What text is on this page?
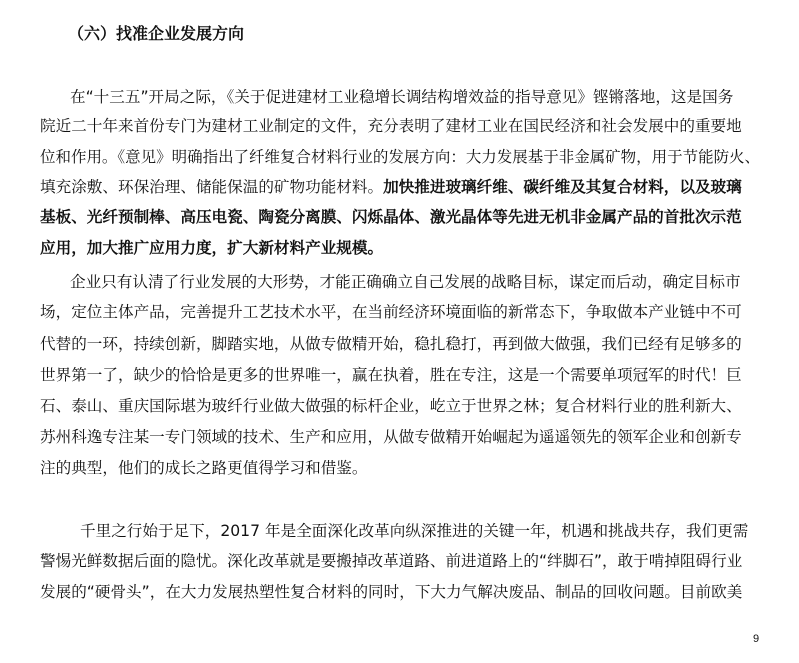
（六）找准企业发展方向
在“十三五”开局之际，《关于促进建材工业稳增长调结构增效益的指导意见》铿锵落地，这是国务
院近二十年来首份专门为建材工业制定的文件，充分表明了建材工业在国民经济和社会发展中的重要地
位和作用。《意见》明确指出了纤维复合材料行业的发展方向：大力发展基于非金属矿物，用于节能防火、
填充涂敷、环保治理、储能保温的矿物功能材料。加快推进玻璃纤维、碳纤维及其复合材料，以及玻璃
基板、光纤预制棒、高压电瓷、陶瓷分离膜、闪烁晶体、激光晶体等先进无机非金属产品的首批次示范
应用，加大推广应用力度，扩大新材料产业规模。
企业只有认清了行业发展的大形势，才能正确确立自己发展的战略目标，谋定而后动，确定目标市
场，定位主体产品，完善提升工艺技术水平，在当前经济环境面临的新常态下，争取做本产业链中不可
代替的一环，持续创新，脚踏实地，从做专做精开始，稳扎稳打，再到做大做强，我们已经有足够多的
世界第一了，缺少的恰恰是更多的世界唯一，赢在执着，胜在专注，这是一个需要单项冠军的时代！巨
石、泰山、重庆国际堪为玻纤行业做大做强的标杆企业，屹立于世界之林；复合材料行业的胜利新大、
苏州科逸专注某一专门领域的技术、生产和应用，从做专做精开始崛起为遥遥领先的领军企业和创新专
注的典型，他们的成长之路更值得学习和借鉴。
千里之行始于足下，2017 年是全面深化改革向纵深推进的关键一年，机遇和挑战共存，我们更需
警惕光鲜数据后面的隐忧。深化改革就是要搬掉改革道路、前进道路上的“绊脚石”，敢于啃掉阻碍行业
发展的“硬骨头”，在大力发展热塑性复合材料的同时，下大力气解决废品、制品的回收问题。目前欧美
9
